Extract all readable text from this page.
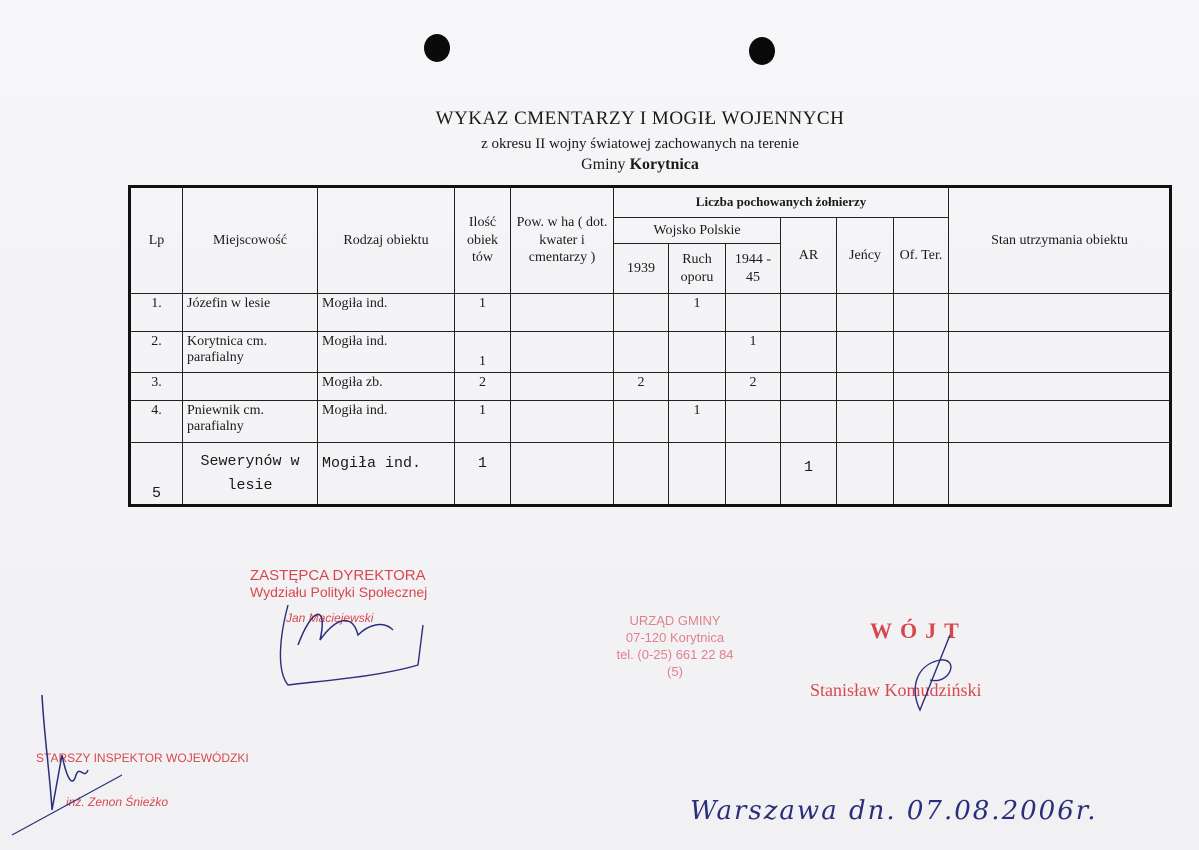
WYKAZ CMENTARZY I MOGIŁ WOJENNYCH
z okresu II wojny światowej zachowanych na terenie
Gminy Korytnica
Lp	Miejscowość	Rodzaj obiektu	Ilość obiek tów	Pow. w ha ( dot. kwater i cmentarzy )	Liczba pochowanych żołnierzy						Stan utrzymania obiektu
					Wojsko Polskie			AR	Jeńcy	Of. Ter.	
					1939	Ruch oporu	1944 - 45				
1.	Józefin w lesie	Mogiła ind.	1			1					
2.	Korytnica cm. parafialny	Mogiła ind.	1				1				
3.		Mogiła zb.	2		2		2				
4.	Pniewnik cm. parafialny	Mogiła ind.	1			1					
5	Sewerynów w lesie	Mogiła ind.	1					1			
ZASTĘPCA DYREKTORA
Wydziału Polityki Społecznej
Jan Maciejewski	URZĄD GMINY
07-120 Korytnica
tel. (0-25) 661 22 84
(5)
WÓJT
Stanisław Komudziński
STARSZY INSPEKTOR WOJEWÓDZKI
inż. Zenon Śnieżko	Warszawa dn. 07.08.2006r.
